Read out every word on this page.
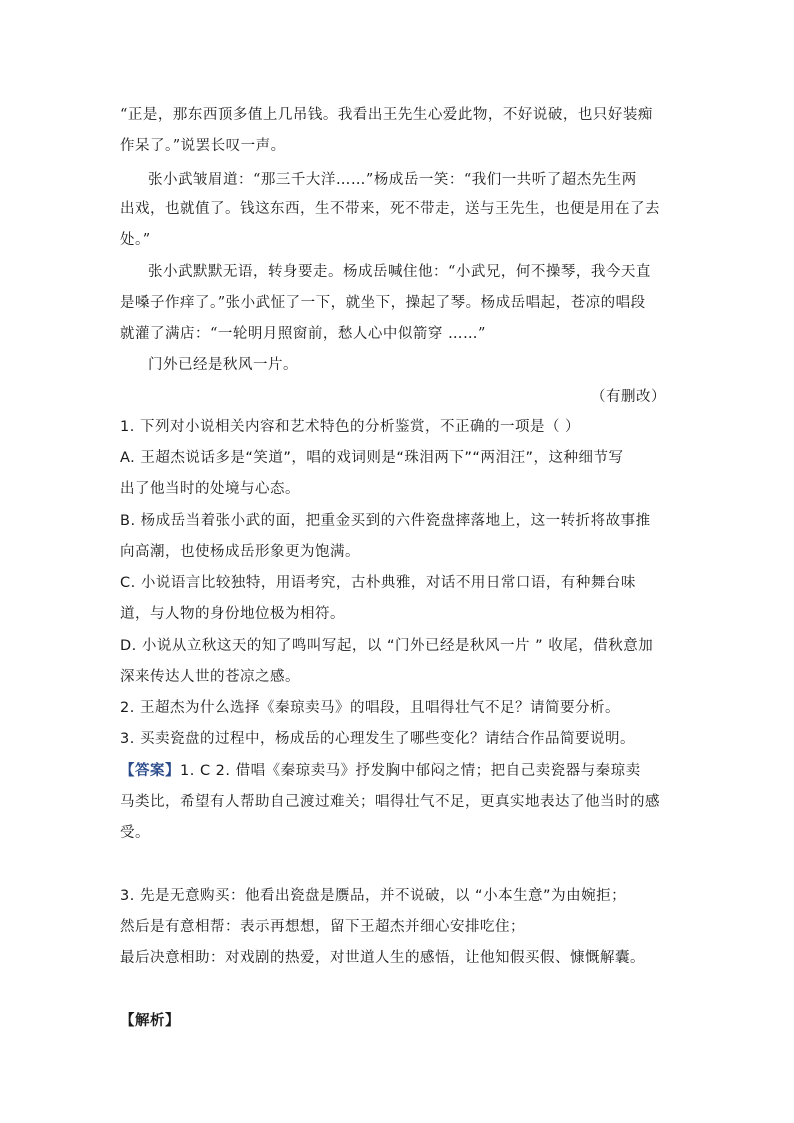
“正是，那东西顶多值上几吊钱。我看出王先生心爱此物，不好说破，也只好装痴
作呆了。”说罢长叹一声。
张小武皱眉道：“那三千大洋……”杨成岳一笑：“我们一共听了超杰先生两
出戏，也就值了。钱这东西，生不带来，死不带走，送与王先生，也便是用在了去
处。”
张小武默默无语，转身要走。杨成岳喊住他：“小武兄，何不操琴，我今天直
是嗓子作痒了。”张小武怔了一下，就坐下，操起了琴。杨成岳唱起，苍凉的唱段
就灌了满店：“一轮明月照窗前，愁人心中似箭穿 ……”
门外已经是秋风一片。
（有删改）
1. 下列对小说相关内容和艺术特色的分析鉴赏，不正确的一项是（ ）
A. 王超杰说话多是“笑道”，唱的戏词则是“珠泪两下”“两泪汪”，这种细节写
出了他当时的处境与心态。
B. 杨成岳当着张小武的面，把重金买到的六件瓷盘摔落地上，这一转折将故事推
向高潮，也使杨成岳形象更为饱满。
C. 小说语言比较独特，用语考究，古朴典雅，对话不用日常口语，有种舞台味
道，与人物的身份地位极为相符。
D. 小说从立秋这天的知了鸣叫写起，以 “门外已经是秋风一片 ” 收尾，借秋意加
深来传达人世的苍凉之感。
2. 王超杰为什么选择《秦琼卖马》的唱段，且唱得壮气不足？请简要分析。
3. 买卖瓷盘的过程中，杨成岳的心理发生了哪些变化？请结合作品简要说明。
【答案】1. C 2. 借唱《秦琼卖马》抒发胸中郁闷之情；把自己卖瓷器与秦琼卖
马类比，希望有人帮助自己渡过难关；唱得壮气不足，更真实地表达了他当时的感
受。
3. 先是无意购买：他看出瓷盘是赝品，并不说破，以 “小本生意”为由婉拒；
然后是有意相帮：表示再想想，留下王超杰并细心安排吃住；
最后决意相助：对戏剧的热爱，对世道人生的感悟，让他知假买假、慷慨解囊。
【解析】
